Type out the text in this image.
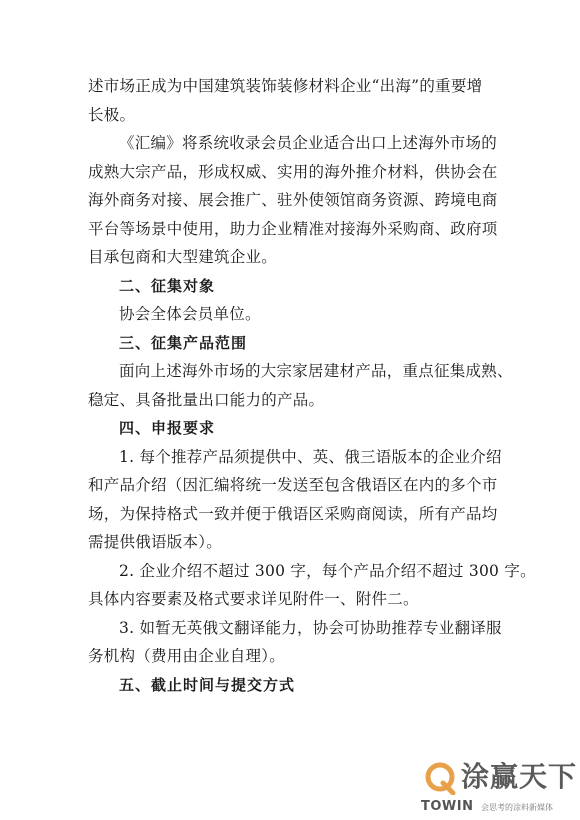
述市场正成为中国建筑装饰装修材料企业“出海”的重要增
长极。
《汇编》将系统收录会员企业适合出口上述海外市场的
成熟大宗产品，形成权威、实用的海外推介材料，供协会在
海外商务对接、展会推广、驻外使领馆商务资源、跨境电商
平台等场景中使用，助力企业精准对接海外采购商、政府项
目承包商和大型建筑企业。
二、征集对象
协会全体会员单位。
三、征集产品范围
面向上述海外市场的大宗家居建材产品，重点征集成熟、
稳定、具备批量出口能力的产品。
四、申报要求
1. 每个推荐产品须提供中、英、俄三语版本的企业介绍
和产品介绍（因汇编将统一发送至包含俄语区在内的多个市
场，为保持格式一致并便于俄语区采购商阅读，所有产品均
需提供俄语版本）。
2. 企业介绍不超过 300 字，每个产品介绍不超过 300 字。
具体内容要素及格式要求详见附件一、附件二。
3. 如暂无英俄文翻译能力，协会可协助推荐专业翻译服
务机构（费用由企业自理）。
五、截止时间与提交方式
涂赢天下
TOWIN 会思考的涂料新媒体
